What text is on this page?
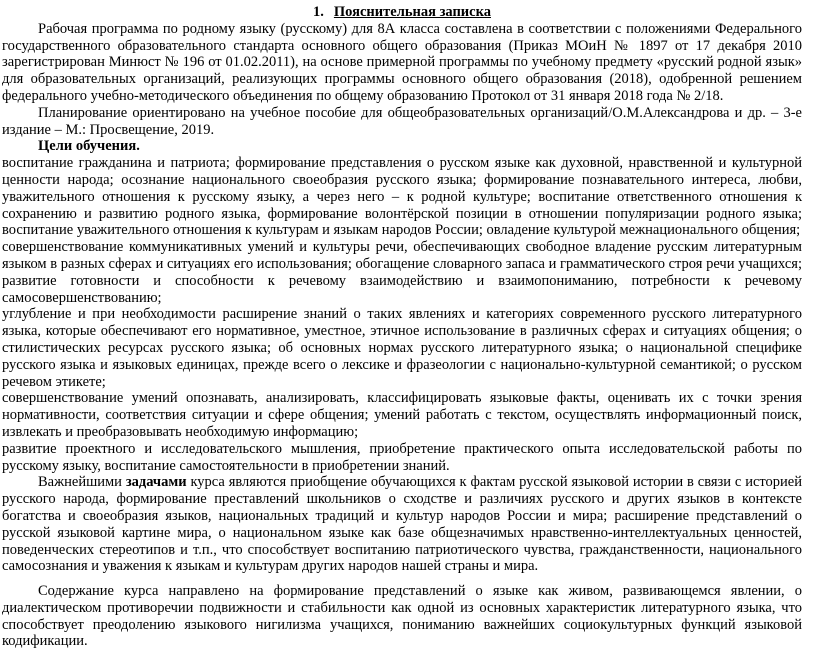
1. Пояснительная записка

Рабочая программа по родному языку (русскому) для 8А класса составлена в соответствии с положениями Федерального государственного образовательного стандарта основного общего образования (Приказ МОиН № 1897 от 17 декабря 2010 зарегистрирован Минюст № 196 от 01.02.2011), на основе примерной программы по учебному предмету «русский родной язык» для образовательных организаций, реализующих программы основного общего образования (2018), одобренной решением федерального учебно-методического объединения по общему образованию Протокол от 31 января 2018 года № 2/18.

Планирование ориентировано на учебное пособие для общеобразовательных организаций/О.М.Александрова и др. – 3-е издание – М.: Просвещение, 2019.

Цели обучения.

воспитание гражданина и патриота; формирование представления о русском языке как духовной, нравственной и культурной ценности народа; осознание национального своеобразия русского языка; формирование познавательного интереса, любви, уважительного отношения к русскому языку, а через него – к родной культуре; воспитание ответственного отношения к сохранению и развитию родного языка, формирование волонтёрской позиции в отношении популяризации родного языка; воспитание уважительного отношения к культурам и языкам народов России; овладение культурой межнационального общения;

совершенствование коммуникативных умений и культуры речи, обеспечивающих свободное владение русским литературным языком в разных сферах и ситуациях его использования; обогащение словарного запаса и грамматического строя речи учащихся; развитие готовности и способности к речевому взаимодействию и взаимопониманию, потребности к речевому самосовершенствованию;

углубление и при необходимости расширение знаний о таких явлениях и категориях современного русского литературного языка, которые обеспечивают его нормативное, уместное, этичное использование в различных сферах и ситуациях общения; о стилистических ресурсах русского языка; об основных нормах русского литературного языка; о национальной специфике русского языка и языковых единицах, прежде всего о лексике и фразеологии с национально-культурной семантикой; о русском речевом этикете;

совершенствование умений опознавать, анализировать, классифицировать языковые факты, оценивать их с точки зрения нормативности, соответствия ситуации и сфере общения; умений работать с текстом, осуществлять информационный поиск, извлекать и преобразовывать необходимую информацию;

развитие проектного и исследовательского мышления, приобретение практического опыта исследовательской работы по русскому языку, воспитание самостоятельности в приобретении знаний.

Важнейшими задачами курса являются приобщение обучающихся к фактам русской языковой истории в связи с историей русского народа, формирование преставлений школьников о сходстве и различиях русского и других языков в контексте богатства и своеобразия языков, национальных традиций и культур народов России и мира; расширение представлений о русской языковой картине мира, о национальном языке как базе общезначимых нравственно-интеллектуальных ценностей, поведенческих стереотипов и т.п., что способствует воспитанию патриотического чувства, гражданственности, национального самосознания и уважения к языкам и культурам других народов нашей страны и мира.

Содержание курса направлено на формирование представлений о языке как живом, развивающемся явлении, о диалектическом противоречии подвижности и стабильности как одной из основных характеристик литературного языка, что способствует преодолению языкового нигилизма учащихся, пониманию важнейших социокультурных функций языковой кодификации.
